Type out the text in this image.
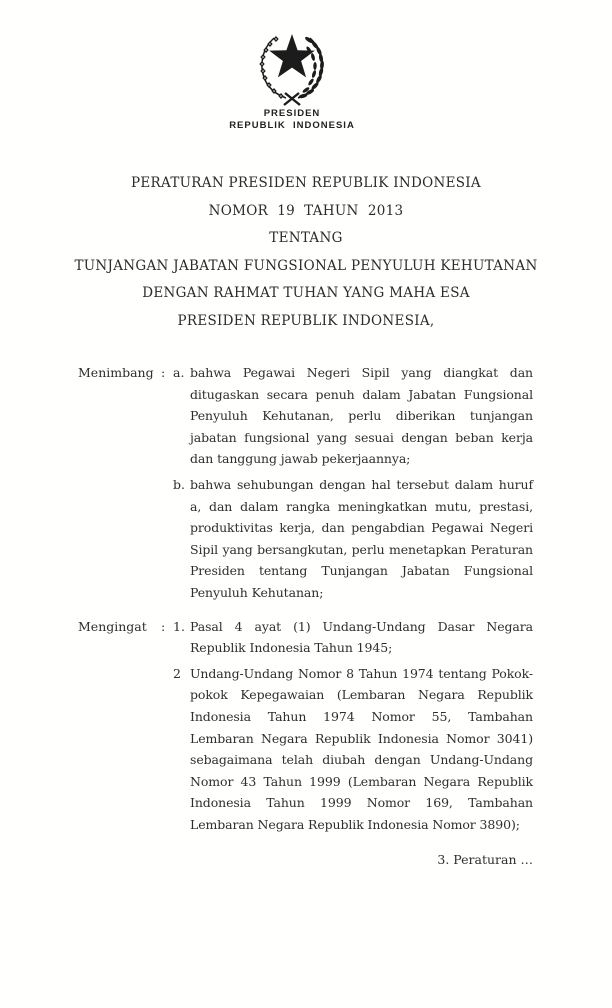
PRESIDEN
REPUBLIK  INDONESIA
PERATURAN PRESIDEN REPUBLIK INDONESIA
NOMOR  19  TAHUN  2013
TENTANG
TUNJANGAN JABATAN FUNGSIONAL PENYULUH KEHUTANAN
DENGAN RAHMAT TUHAN YANG MAHA ESA
PRESIDEN REPUBLIK INDONESIA,
Menimbang : a. bahwa Pegawai Negeri Sipil yang diangkat dan ditugaskan secara penuh dalam Jabatan Fungsional Penyuluh Kehutanan, perlu diberikan tunjangan jabatan fungsional yang sesuai dengan beban kerja dan tanggung jawab pekerjaannya;

b. bahwa sehubungan dengan hal tersebut dalam huruf a, dan dalam rangka meningkatkan mutu, prestasi, produktivitas kerja, dan pengabdian Pegawai Negeri Sipil yang bersangkutan, perlu menetapkan Peraturan Presiden tentang Tunjangan Jabatan Fungsional Penyuluh Kehutanan;

Mengingat	: 1. Pasal 4 ayat (1) Undang-Undang Dasar Negara Republik Indonesia Tahun 1945;

2 Undang-Undang Nomor 8 Tahun 1974 tentang Pokok-pokok Kepegawaian (Lembaran Negara Republik Indonesia Tahun 1974 Nomor 55, Tambahan Lembaran Negara Republik Indonesia Nomor 3041) sebagaimana telah diubah dengan Undang-Undang Nomor 43 Tahun 1999 (Lembaran Negara Republik Indonesia Tahun 1999 Nomor 169, Tambahan Lembaran Negara Republik Indonesia Nomor 3890);

3. Peraturan …
